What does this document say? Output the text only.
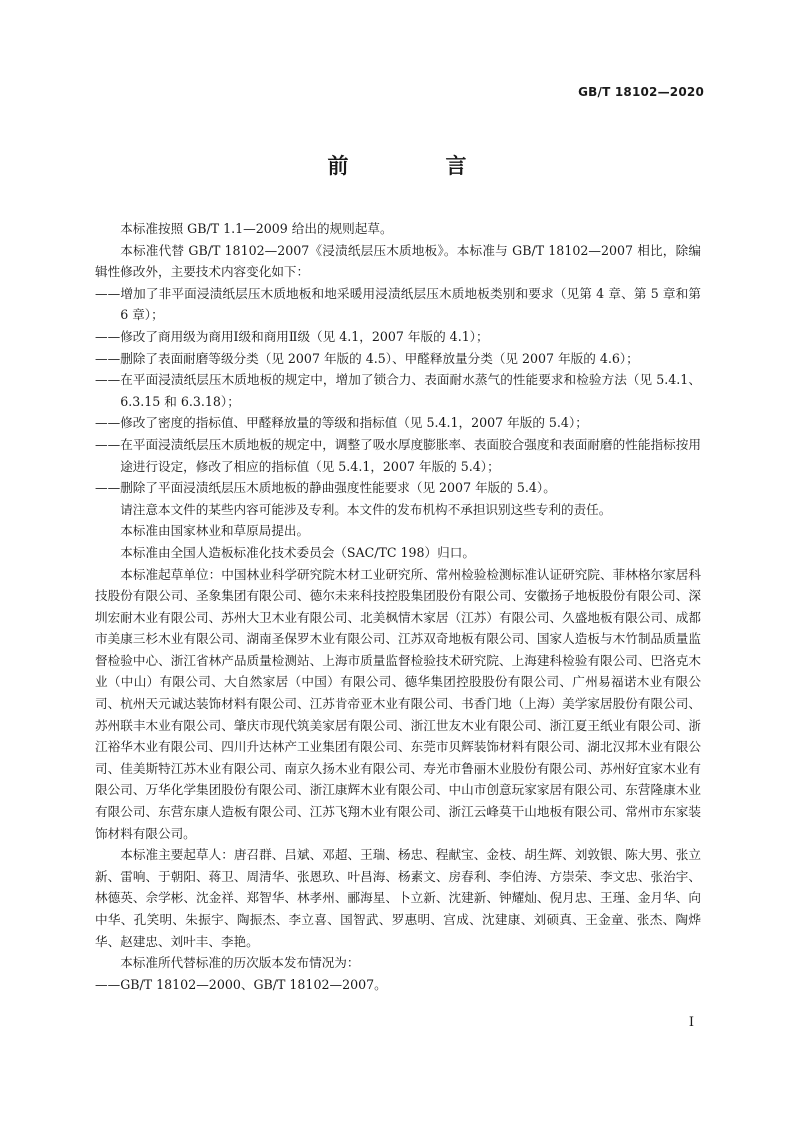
GB/T 18102—2020
前　言

本标准按照 GB/T 1.1—2009 给出的规则起草。

本标准代替 GB/T 18102—2007《浸渍纸层压木质地板》。本标准与 GB/T 18102—2007 相比，除编辑性修改外，主要技术内容变化如下：

——增加了非平面浸渍纸层压木质地板和地采暖用浸渍纸层压木质地板类别和要求（见第 4 章、第 5 章和第 6 章）；

——修改了商用级为商用Ⅰ级和商用Ⅱ级（见 4.1，2007 年版的 4.1）；

——删除了表面耐磨等级分类（见 2007 年版的 4.5）、甲醛释放量分类（见 2007 年版的 4.6）；

——在平面浸渍纸层压木质地板的规定中，增加了锁合力、表面耐水蒸气的性能要求和检验方法（见 5.4.1、6.3.15 和 6.3.18）；

——修改了密度的指标值、甲醛释放量的等级和指标值（见 5.4.1，2007 年版的 5.4）；

——在平面浸渍纸层压木质地板的规定中，调整了吸水厚度膨胀率、表面胶合强度和表面耐磨的性能指标按用途进行设定，修改了相应的指标值（见 5.4.1，2007 年版的 5.4）；

——删除了平面浸渍纸层压木质地板的静曲强度性能要求（见 2007 年版的 5.4）。

请注意本文件的某些内容可能涉及专利。本文件的发布机构不承担识别这些专利的责任。

本标准由国家林业和草原局提出。

本标准由全国人造板标准化技术委员会（SAC/TC 198）归口。

本标准起草单位：中国林业科学研究院木材工业研究所、常州检验检测标准认证研究院、菲林格尔家居科技股份有限公司、圣象集团有限公司、德尔未来科技控股集团股份有限公司、安徽扬子地板股份有限公司、深圳宏耐木业有限公司、苏州大卫木业有限公司、北美枫情木家居（江苏）有限公司、久盛地板有限公司、成都市美康三杉木业有限公司、湖南圣保罗木业有限公司、江苏双奇地板有限公司、国家人造板与木竹制品质量监督检验中心、浙江省林产品质量检测站、上海市质量监督检验技术研究院、上海建科检验有限公司、巴洛克木业（中山）有限公司、大自然家居（中国）有限公司、德华集团控股股份有限公司、广州易福诺木业有限公司、杭州天元诚达装饰材料有限公司、江苏肯帝亚木业有限公司、书香门地（上海）美学家居股份有限公司、苏州联丰木业有限公司、肇庆市现代筑美家居有限公司、浙江世友木业有限公司、浙江夏王纸业有限公司、浙江裕华木业有限公司、四川升达林产工业集团有限公司、东莞市贝辉装饰材料有限公司、湖北汉邦木业有限公司、佳美斯特江苏木业有限公司、南京久扬木业有限公司、寿光市鲁丽木业股份有限公司、苏州好宜家木业有限公司、万华化学集团股份有限公司、浙江康辉木业有限公司、中山市创意玩家家居有限公司、东营隆康木业有限公司、东营东康人造板有限公司、江苏飞翔木业有限公司、浙江云峰莫干山地板有限公司、常州市东家装饰材料有限公司。

本标准主要起草人：唐召群、吕斌、邓超、王瑞、杨忠、程献宝、金枝、胡生辉、刘敦银、陈大男、张立新、雷响、于朝阳、蒋卫、周清华、张恩玖、叶昌海、杨素文、房春利、李伯涛、方崇荣、李文忠、张治宇、林德英、佘学彬、沈金祥、郑智华、林孝州、郦海星、卜立新、沈建新、钟耀灿、倪月忠、王瑾、金月华、向中华、孔笑明、朱振宇、陶振杰、李立喜、国智武、罗惠明、宫成、沈建康、刘硕真、王金童、张杰、陶烨华、赵建忠、刘叶丰、李艳。

本标准所代替标准的历次版本发布情况为：

——GB/T 18102—2000、GB/T 18102—2007。

Ⅰ
